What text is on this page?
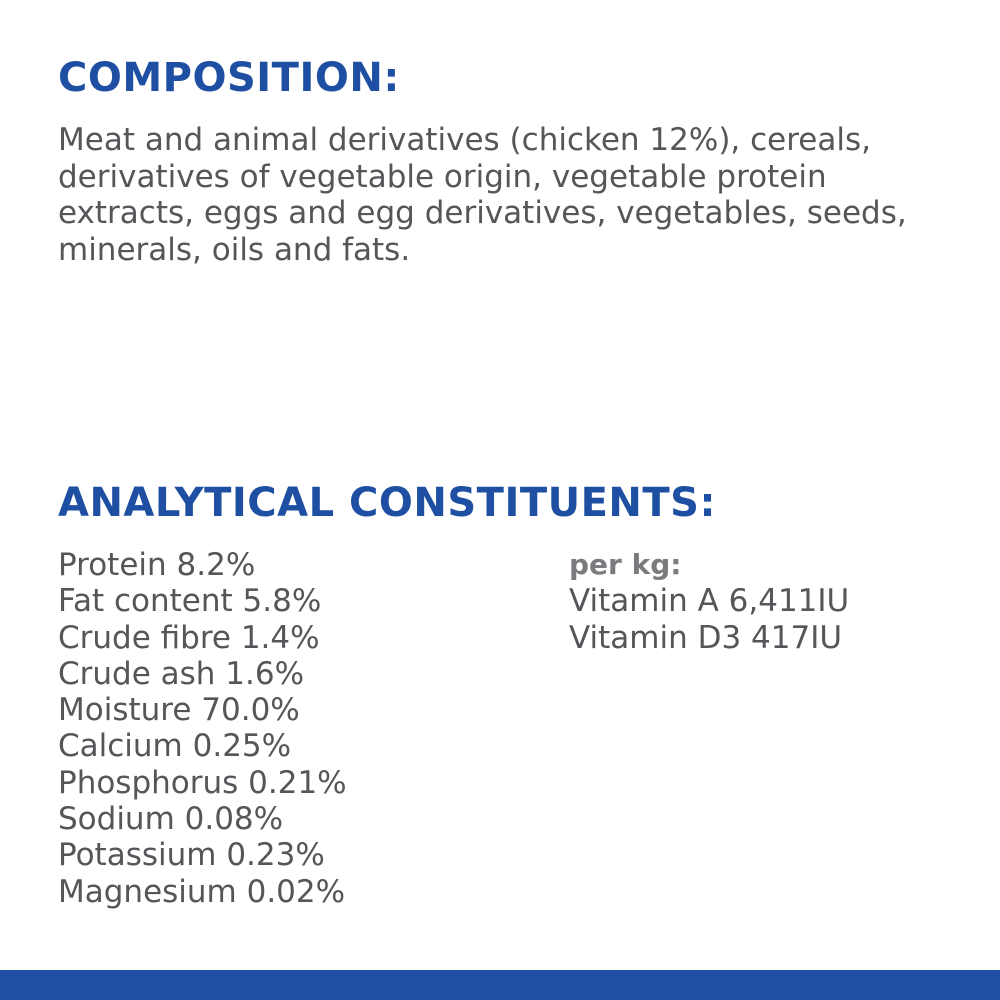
COMPOSITION:

Meat and animal derivatives (chicken 12%), cereals, derivatives of vegetable origin, vegetable protein extracts, eggs and egg derivatives, vegetables, seeds, minerals, oils and fats.

ANALYTICAL CONSTITUENTS:
Protein 8.2%
Fat content 5.8%
Crude fibre 1.4%
Crude ash 1.6%
Moisture 70.0%
Calcium 0.25%
Phosphorus 0.21%
Sodium 0.08%
Potassium 0.23%
Magnesium 0.02%
per kg:
Vitamin A 6,411IU
Vitamin D3 417IU
